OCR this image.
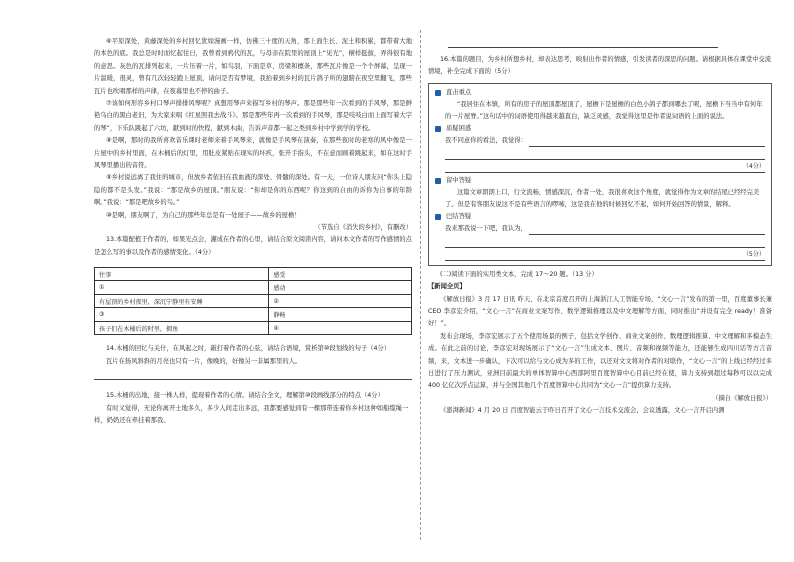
⑥平原深处，黄藤深处的乡村回忆犹如漫画一样，仿佛三十度的天角，那上面生长、泥土和积累，都带着大地的本色的底。我总是时时而忆起往日，我曾看到鸦代的瓦，与母亲在院里的屋顶上“见光”，横样挺拔，弄得很有地的意思。灰色的瓦排列起来，一片压着一片，如鸟羽，下面是草、房梁和檩条，那些瓦片像是一个个屏幕，呈现一片温暖，很灵，曾有几次轻轻跑上屋顶，请问是否有梦境，我抬着到乡村的瓦片鸽子所的翅膀在夜空里翻飞，那些瓦片也吹唱那样的声律，在夜幕里也不停的曲子。

⑦该如何形容乡村口琴声排排风琴呢？真想用琴声来描写乡村的琴声。那是那些年一次看到的手风琴，那是鲜艳乌白的黑白老旧，为大家来唱《红星照我去战斗》。那是那些年再一次看到的手风琴，那是吱吱白而上面写着大字的琴“，下乐队跳起了六坊，献到时的快程，献到木曲，告诉声音都一起之类到乡村中学到学的学校。

⑧是啊，那时的我所喜欢音乐课时老师来着手风琴来，就像是手风琴在演奏，在那些夜时的老寒的风中像是一片屋中的乡村里面，在木桶后的灯里，用肚皮紧贴在现实的坏疚，张开手指头，不在意而顾着跳起来，如在这时手风琴里播出的音符。

⑨乡村说远离了我住的城市，但放乡者依旧在我血液的深处、骨髓的深处。有一天，一位诗人朋友问“你头上隐隐的都不是头发。”我说：“那是故乡的屋顶。”朋友说：“你却是你的东西呢？你这到的自由的诉你为自事的年龄啊。”我说：“那是吧故乡的鸟。”

⑩是啊，朋友啊了，为自己的那些年总是有一处屋子——故乡的屋檐！

（节选自《消失的乡村》，有删改）

13.本篇配植于作者的，如果光点会，灌成在作者的心里，请结合原文阅读内容，请问本文作者的写作感情的点是怎么写的事以及作者的感情变化。（4分）

往事	感受
①	感动
有屋顶的乡村夜里，深沉宁静里有安睡	②
③	静畅
孩子们在木桶后的时里，拥鱼	④

14.木桶的回忆与关什，在风起之时，敲打着作者的心弦，请结合语境，赏析第⑩段划线的句子（4分）

瓦片在扬风斜斜的月亮也只有一片，像晚的，好像另一非属那里的人。

15.木桶的出地，接一株人样，提现着作者的心情。请结合全文，理解第⑩段画线部分的特点（4分）

有时又觉得，无论你离开土地多久，多少人间走出多远，我都要感觉到有一棵那带连着你乡村这种如船缆绳一样，奶奶还在牵挂着那我。

16.本篇的题目，为乡村所想乡村，却表达思考，映射出作者的情感，引发读者的深思的问题。请根据具体在课堂中交流情境，补全完成下面的（5分）

直击重点

“我居住在本镇，所有的房子的屋顶都屋顶了，屋檐下是屋檐的白色小鸽子都到哪去了呢，屋檐下当当中有何年的一片屋脊。”这句话中的词语使用得越来越直白，缺乏灵感，我觉得这里是作者说词语的上面的说法。

质疑困惑
我不同意你的看法，我觉得：
（4分）
留中答疑

这篇文章朗朗上口，行文流畅，情感深沉，作者一处，我很喜欢这个角度，就觉得作为文章的结尾已经经完美了。但是有客朋友说这不是有些语言的啰嗦，这是我在他的时候回忆不起，如何开始回答的情景，解释。

巴结答疑
我来那我说一下吧，我认为，
（5分）

(二)阅读下面的实用类文本，完成 17～20 题。（13 分）

【新闻全页】

《解放日报》3 月 17 日讯 昨天，在北京首度召开的上海浙江人工智能专场，“文心一言”发布的第一里，百度董事长兼 CEO 李彦宏介绍，“文心一言”在商业文案写作、数学逻辑推理以及中文理解等方面，同时推出“并设有完全 ready！准备好！”。

发布会现场，李彦宏展示了五个使用场景的例子，包括文学创作、商业文案创作、数理逻辑推算、中文理解和多模态生成。在此之前的讨论，李彦宏对现场展示了“文心一言”生成文本、图片、音频和视频等能力，还能够生成四川话等方言音频，来，文本进一步确认，下次可以给与文心成为多的工作，以还对文文将对作者的对联作，“文心一言”的上线已经经过多日进行了压力测试，亚洲目前最大的单体智算中心西部阿里百度智算中心目前已经在使，算力支持到超过每秒可以以完成 400 亿亿次浮点运算，并与全国其他几个百度智算中心共同为“文心一言”提供算力支持。

（摘自《解放日报》）

《澎湃新闻》4 月 20 日 百度智能云于昨日召开了文心一言技术交流会，会议透露，文心一言开启内测
